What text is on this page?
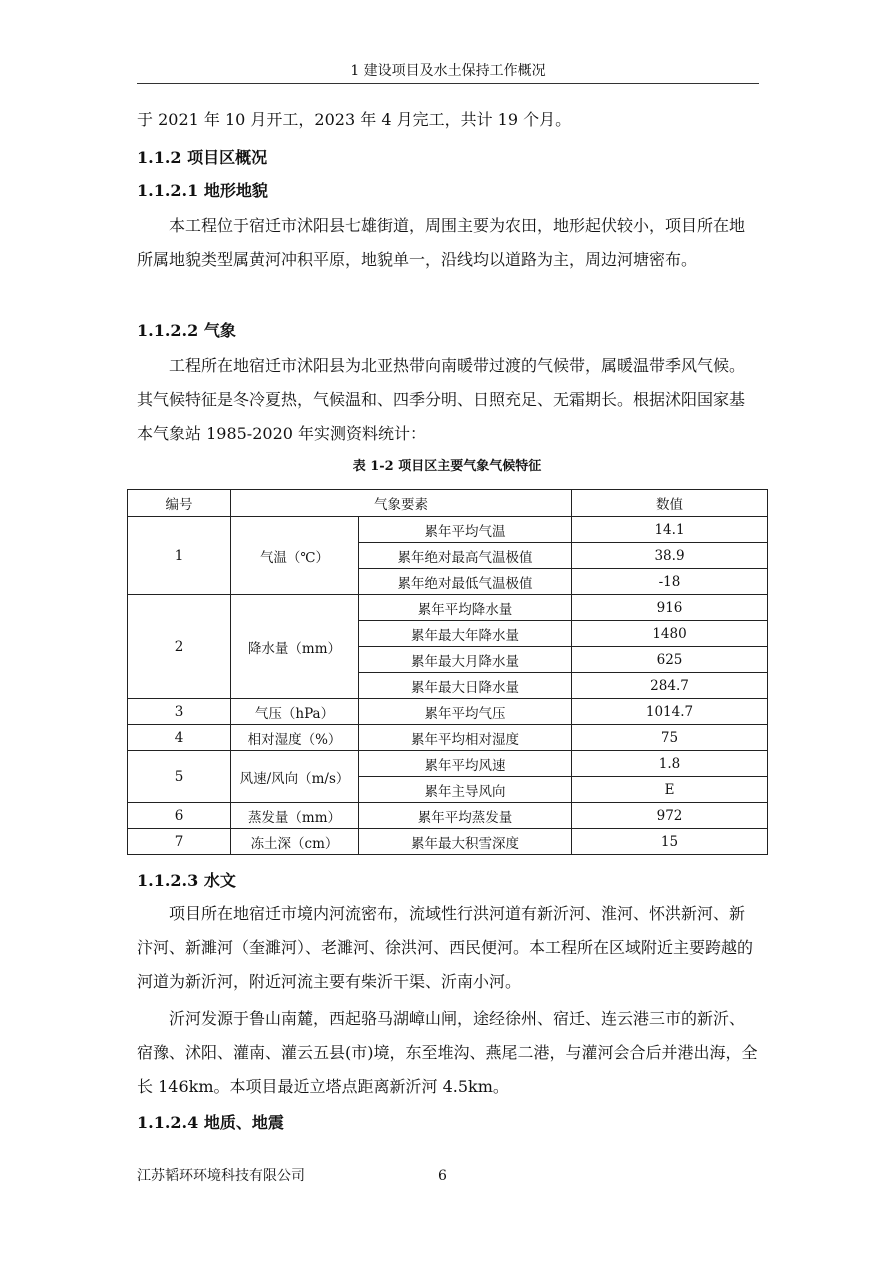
1 建设项目及水土保持工作概况

于 2021 年 10 月开工，2023 年 4 月完工，共计 19 个月。

1.1.2 项目区概况

1.1.2.1 地形地貌

本工程位于宿迁市沭阳县七雄街道，周围主要为农田，地形起伏较小，项目所在地所属地貌类型属黄河冲积平原，地貌单一，沿线均以道路为主，周边河塘密布。

1.1.2.2 气象

工程所在地宿迁市沭阳县为北亚热带向南暖带过渡的气候带，属暖温带季风气候。其气候特征是冬冷夏热，气候温和、四季分明、日照充足、无霜期长。根据沭阳国家基本气象站 1985-2020 年实测资料统计：

表 1-2 项目区主要气象气候特征
编号	气象要素		数值
1	气温（℃）	累年平均气温	14.1
		累年绝对最高气温极值	38.9
		累年绝对最低气温极值	-18
2	降水量（mm）	累年平均降水量	916
		累年最大年降水量	1480
		累年最大月降水量	625
		累年最大日降水量	284.7
3	气压（hPa）	累年平均气压	1014.7
4	相对湿度（%）	累年平均相对湿度	75
5	风速/风向（m/s）	累年平均风速	1.8
		累年主导风向	E
6	蒸发量（mm）	累年平均蒸发量	972
7	冻土深（cm）	累年最大积雪深度	15

1.1.2.3 水文

项目所在地宿迁市境内河流密布，流域性行洪河道有新沂河、淮河、怀洪新河、新汴河、新濉河（奎濉河）、老濉河、徐洪河、西民便河。本工程所在区域附近主要跨越的河道为新沂河，附近河流主要有柴沂干渠、沂南小河。

沂河发源于鲁山南麓，西起骆马湖嶂山闸，途经徐州、宿迁、连云港三市的新沂、宿豫、沭阳、灌南、灌云五县(市)境，东至堆沟、燕尾二港，与灌河会合后并港出海，全长 146km。本项目最近立塔点距离新沂河 4.5km。

1.1.2.4 地质、地震

江苏韬环环境科技有限公司	6
